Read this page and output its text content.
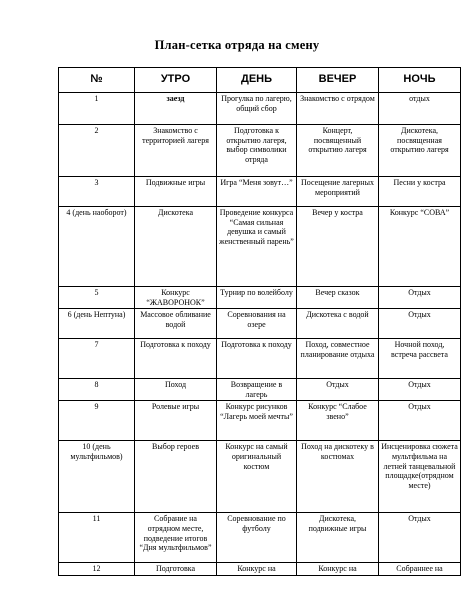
План-сетка отряда на смену
№	УТРО	ДЕНЬ	ВЕЧЕР	НОЧЬ
1	заезд	Прогулка по лагерю, общий сбор	Знакомство с отрядом	отдых
2	Знакомство с территорией лагеря	Подготовка к открытию лагеря, выбор символики отряда	Концерт, посвященный открытию лагеря	Дискотека, посвященная открытию лагеря
3	Подвижные игры	Игра “Меня зовут…”	Посещение лагерных мероприятий	Песни у костра
4 (день наоборот)	Дискотека	Проведение конкурса “Самая сильная девушка и самый женственный парень”	Вечер у костра	Конкурс “СОВА”
5	Конкурс “ЖАВОРОНОК”	Турнир по волейболу	Вечер сказок	Отдых
6 (день Нептуна)	Массовое обливание водой	Соревнования на озере	Дискотека с водой	Отдых
7	Подготовка к походу	Подготовка к походу	Поход, совместное планирование отдыха	Ночной поход, встреча рассвета
8	Поход	Возвращение в лагерь	Отдых	Отдых
9	Ролевые игры	Конкурс рисунков “Лагерь моей мечты”	Конкурс “Слабое звено”	Отдых
10 (день мультфильмов)	Выбор героев	Конкурс на самый оригинальный костюм	Поход на дискотеку в костюмах	Инсценировка сюжета мультфильма на летней танцевальной площадке(отрядном месте)
11	Собрание на отрядном месте, подведение итогов “Дня мультфильмов”	Соревнование по футболу	Дискотека, подвижные игры	Отдых
12	Подготовка	Конкурс на	Конкурс на	Собраннее на
